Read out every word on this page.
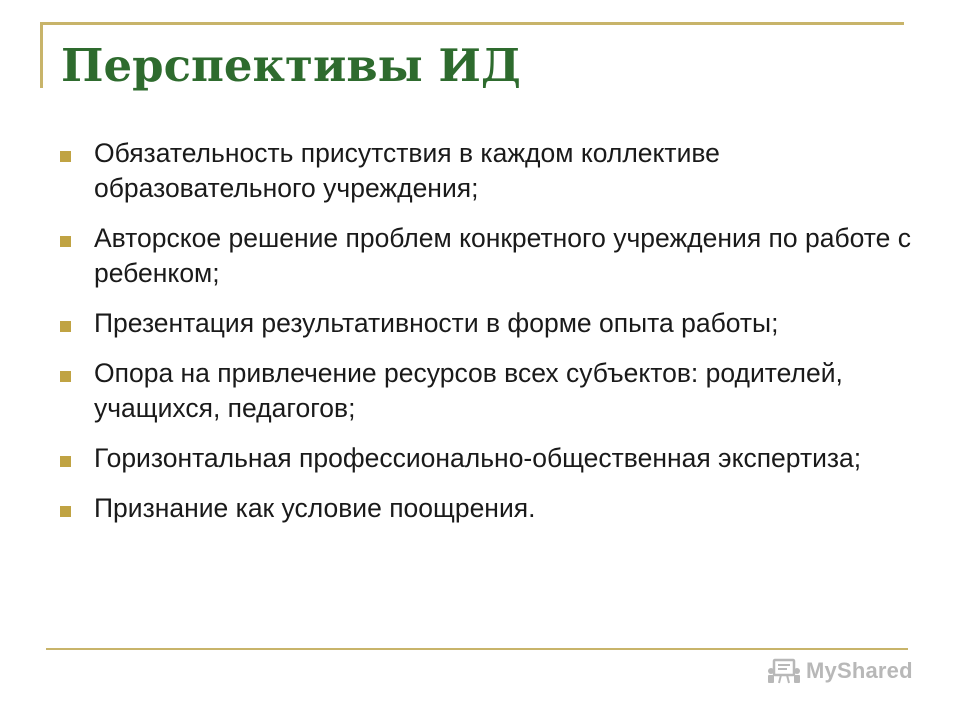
Перспективы ИД
Обязательность присутствия в каждом коллективе образовательного учреждения;
Авторское решение проблем конкретного учреждения по работе с ребенком;
Презентация результативности в форме опыта работы;
Опора на привлечение ресурсов всех субъектов: родителей, учащихся, педагогов;
Горизонтальная профессионально-общественная экспертиза;
Признание как условие поощрения.
MyShared
